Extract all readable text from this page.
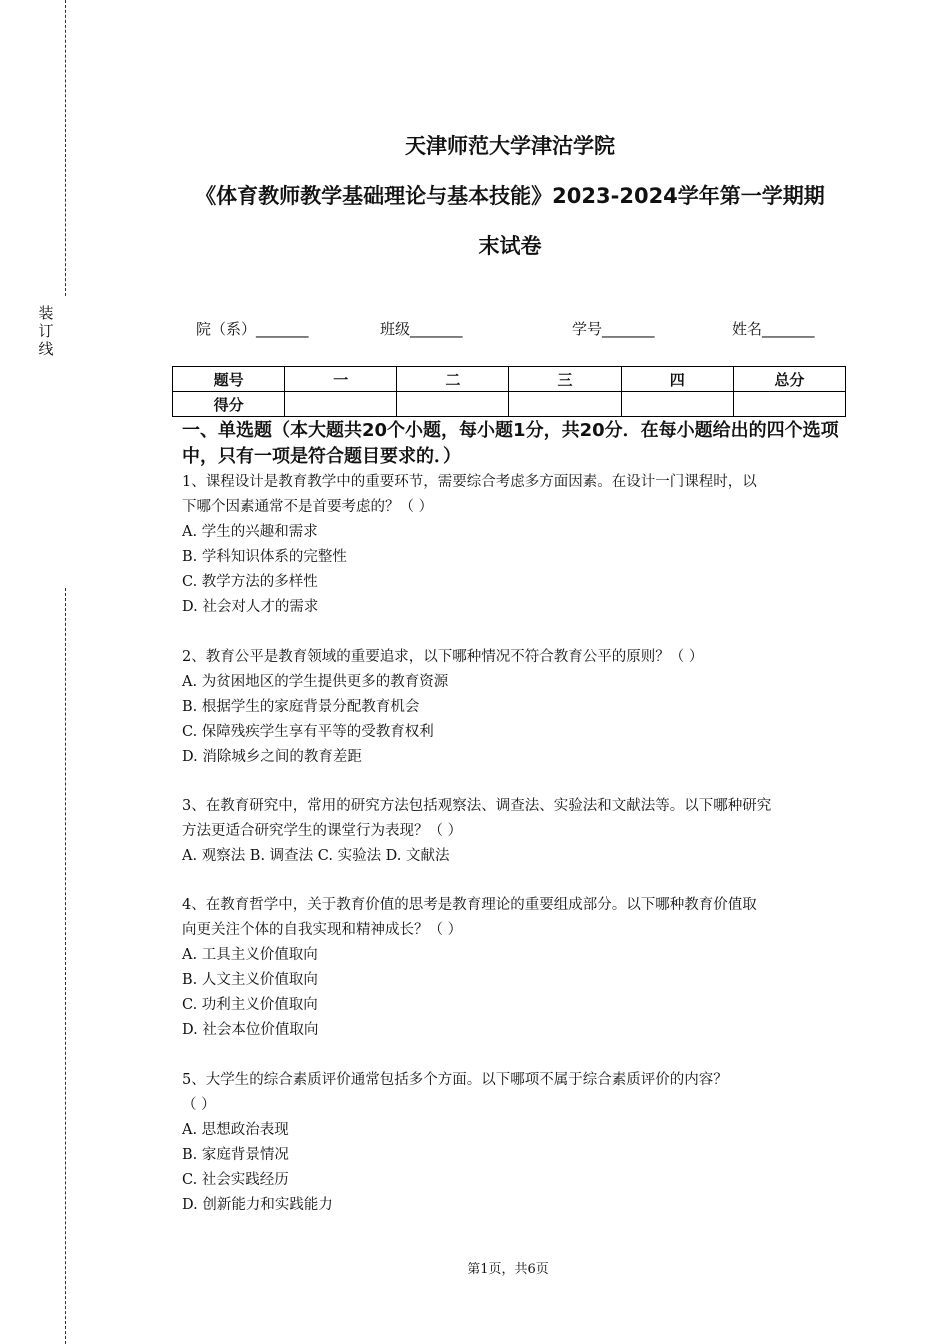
装订线
天津师范大学津沽学院
《体育教师教学基础理论与基本技能》2023-2024学年第一学期期
末试卷
院（系）_______	班级_______	学号_______	姓名_______
题号	一	二	三	四	总分
得分					
一、单选题（本大题共20个小题，每小题1分，共20分．在每小题给出的四个选项中，只有一项是符合题目要求的．）
1、课程设计是教育教学中的重要环节，需要综合考虑多方面因素。在设计一门课程时，以
下哪个因素通常不是首要考虑的？（ ）
A. 学生的兴趣和需求
B. 学科知识体系的完整性
C. 教学方法的多样性
D. 社会对人才的需求
2、教育公平是教育领域的重要追求，以下哪种情况不符合教育公平的原则？（ ）
A. 为贫困地区的学生提供更多的教育资源
B. 根据学生的家庭背景分配教育机会
C. 保障残疾学生享有平等的受教育权利
D. 消除城乡之间的教育差距
3、在教育研究中，常用的研究方法包括观察法、调查法、实验法和文献法等。以下哪种研究
方法更适合研究学生的课堂行为表现？（ ）
A. 观察法 B. 调查法 C. 实验法 D. 文献法
4、在教育哲学中，关于教育价值的思考是教育理论的重要组成部分。以下哪种教育价值取
向更关注个体的自我实现和精神成长？（ ）
A. 工具主义价值取向
B. 人文主义价值取向
C. 功利主义价值取向
D. 社会本位价值取向
5、大学生的综合素质评价通常包括多个方面。以下哪项不属于综合素质评价的内容？
（ ）
A. 思想政治表现
B. 家庭背景情况
C. 社会实践经历
D. 创新能力和实践能力
第1页，共6页
